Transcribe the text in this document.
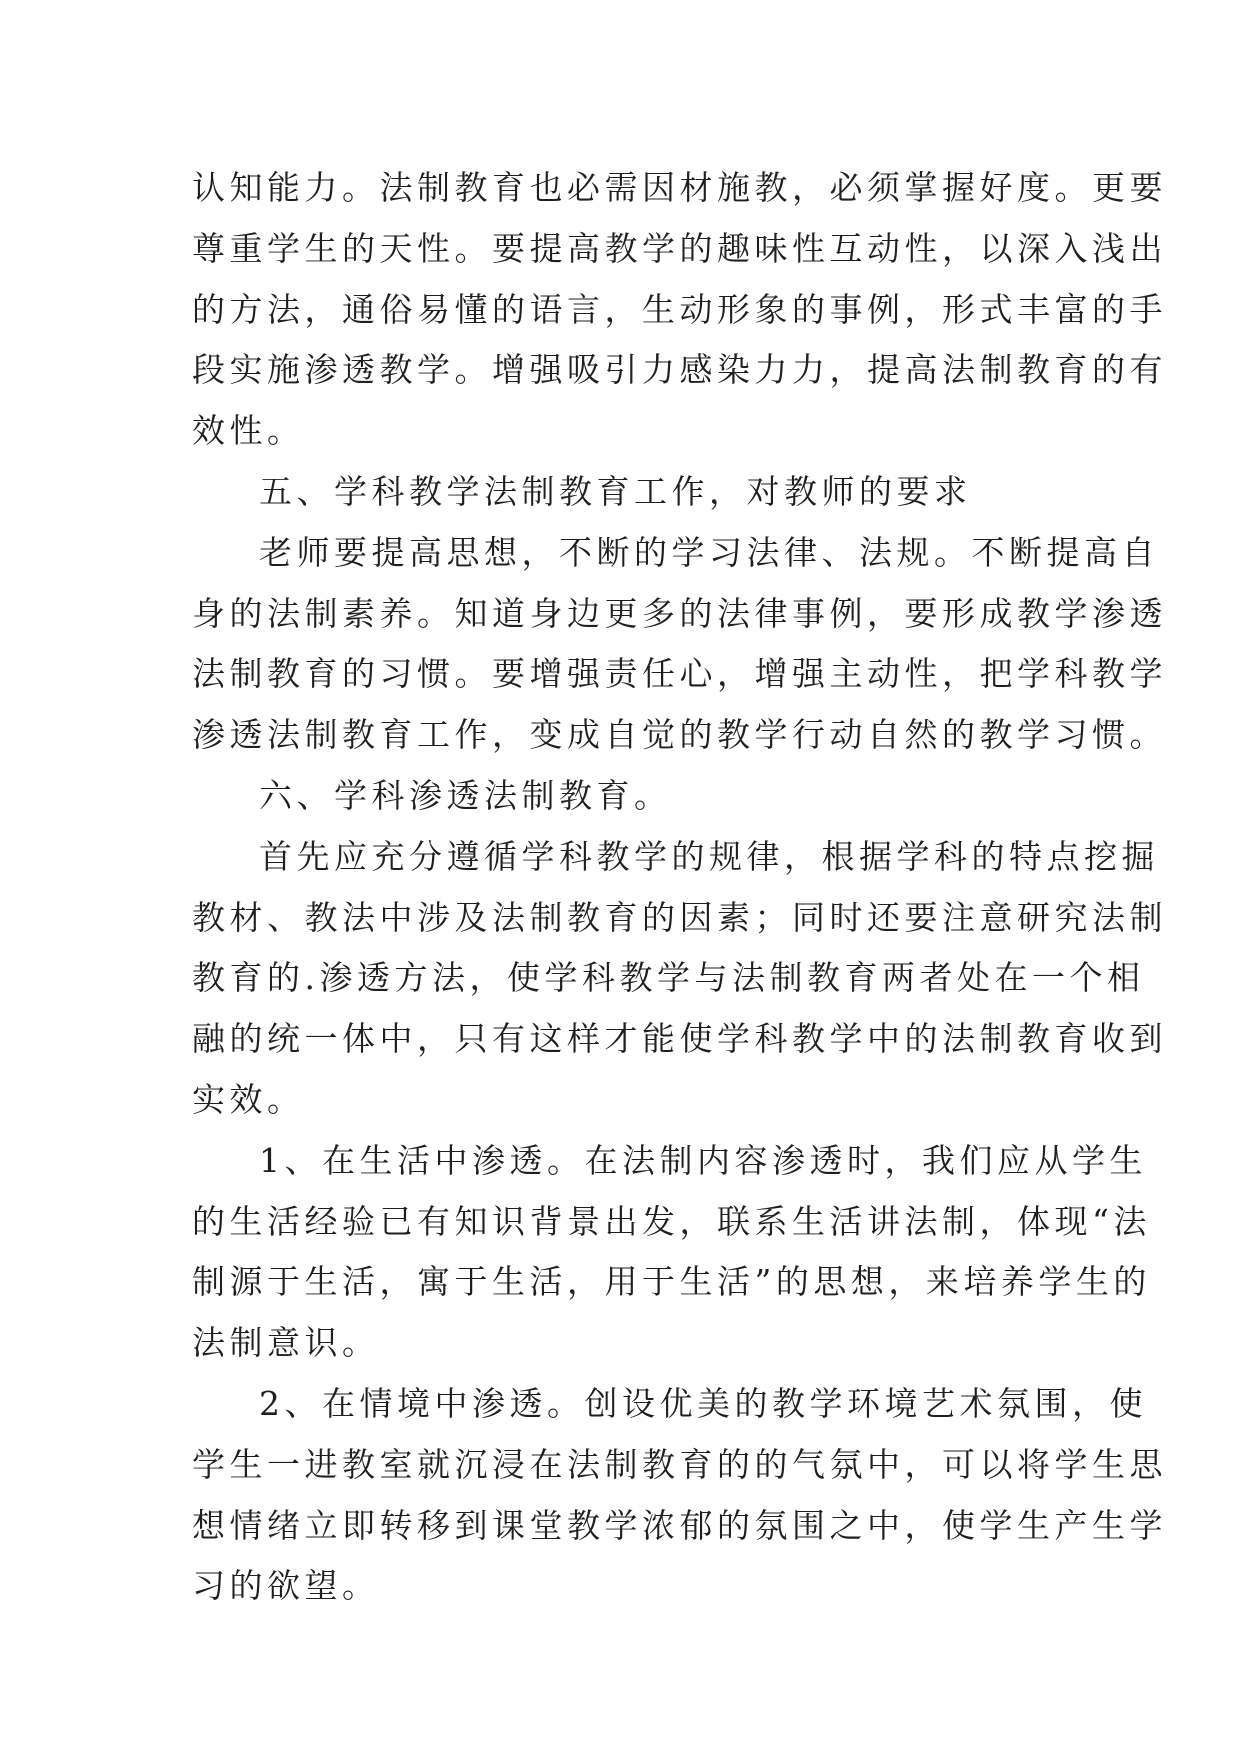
认知能力。法制教育也必需因材施教，必须掌握好度。更要
尊重学生的天性。要提高教学的趣味性互动性，以深入浅出
的方法，通俗易懂的语言，生动形象的事例，形式丰富的手
段实施渗透教学。增强吸引力感染力力，提高法制教育的有
效性。
五、学科教学法制教育工作，对教师的要求
老师要提高思想，不断的学习法律、法规。不断提高自
身的法制素养。知道身边更多的法律事例，要形成教学渗透
法制教育的习惯。要增强责任心，增强主动性，把学科教学
渗透法制教育工作，变成自觉的教学行动自然的教学习惯。
六、学科渗透法制教育。
首先应充分遵循学科教学的规律，根据学科的特点挖掘
教材、教法中涉及法制教育的因素；同时还要注意研究法制
教育的.渗透方法，使学科教学与法制教育两者处在一个相
融的统一体中，只有这样才能使学科教学中的法制教育收到
实效。
1、在生活中渗透。在法制内容渗透时，我们应从学生
的生活经验已有知识背景出发，联系生活讲法制，体现“法
制源于生活，寓于生活，用于生活”的思想，来培养学生的
法制意识。
2、在情境中渗透。创设优美的教学环境艺术氛围，使
学生一进教室就沉浸在法制教育的的气氛中，可以将学生思
想情绪立即转移到课堂教学浓郁的氛围之中，使学生产生学
习的欲望。
